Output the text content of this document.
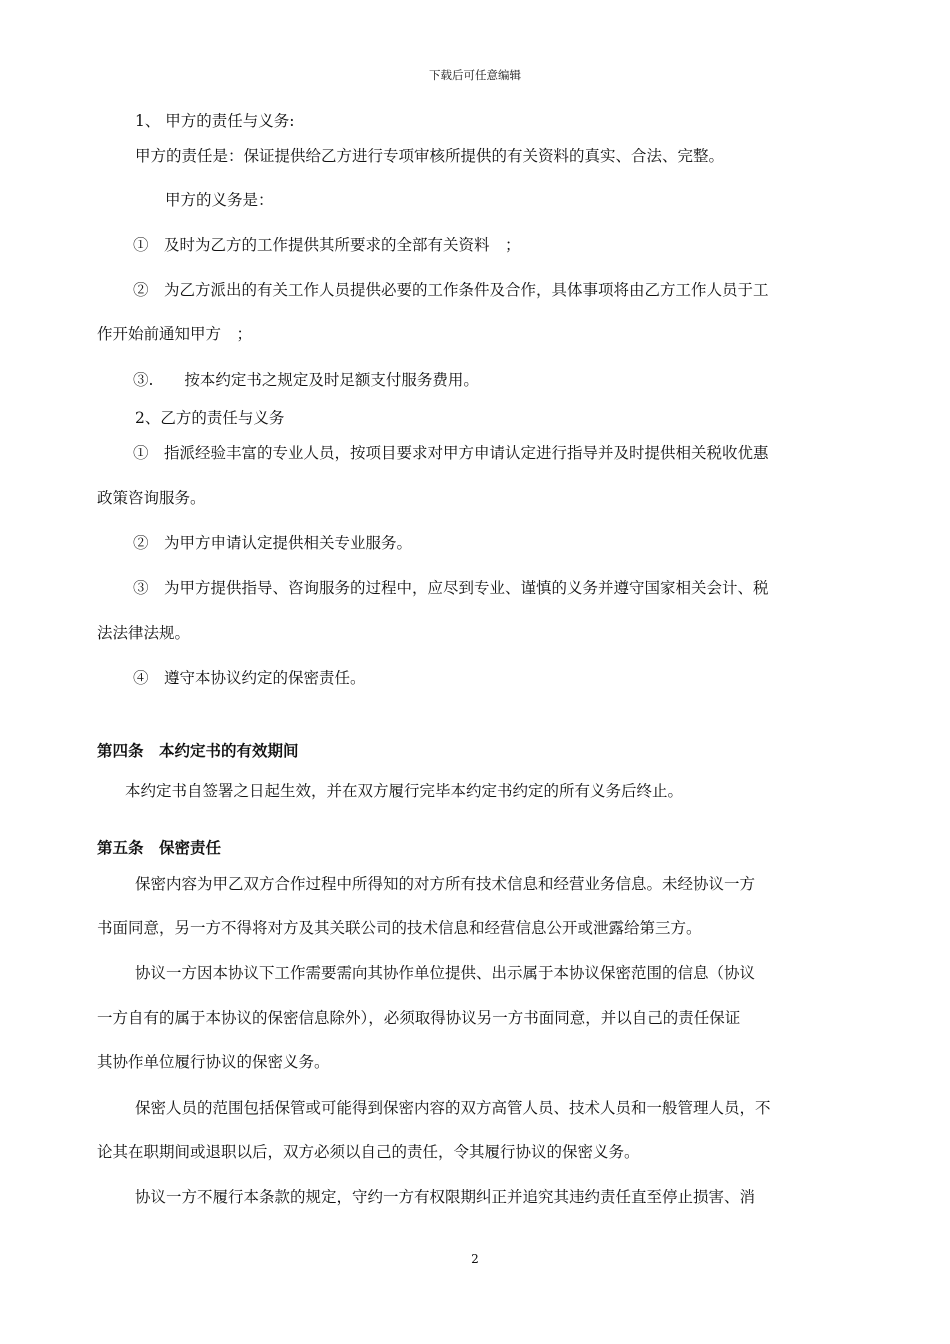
下载后可任意编辑
1、 甲方的责任与义务:
甲方的责任是：保证提供给乙方进行专项审核所提供的有关资料的真实、合法、完整。
甲方的义务是：
①　及时为乙方的工作提供其所要求的全部有关资料　；
②　为乙方派出的有关工作人员提供必要的工作条件及合作，具体事项将由乙方工作人员于工
作开始前通知甲方　；
③.　　按本约定书之规定及时足额支付服务费用。
2、乙方的责任与义务
①　指派经验丰富的专业人员，按项目要求对甲方申请认定进行指导并及时提供相关税收优惠
政策咨询服务。
②　为甲方申请认定提供相关专业服务。
③　为甲方提供指导、咨询服务的过程中，应尽到专业、谨慎的义务并遵守国家相关会计、税
法法律法规。
④　遵守本协议约定的保密责任。
第四条　本约定书的有效期间
本约定书自签署之日起生效，并在双方履行完毕本约定书约定的所有义务后终止。
第五条　保密责任
保密内容为甲乙双方合作过程中所得知的对方所有技术信息和经营业务信息。未经协议一方
书面同意，另一方不得将对方及其关联公司的技术信息和经营信息公开或泄露给第三方。
协议一方因本协议下工作需要需向其协作单位提供、出示属于本协议保密范围的信息（协议
一方自有的属于本协议的保密信息除外），必须取得协议另一方书面同意，并以自己的责任保证
其协作单位履行协议的保密义务。
保密人员的范围包括保管或可能得到保密内容的双方高管人员、技术人员和一般管理人员，不
论其在职期间或退职以后，双方必须以自己的责任，令其履行协议的保密义务。
协议一方不履行本条款的规定，守约一方有权限期纠正并追究其违约责任直至停止损害、消
2
